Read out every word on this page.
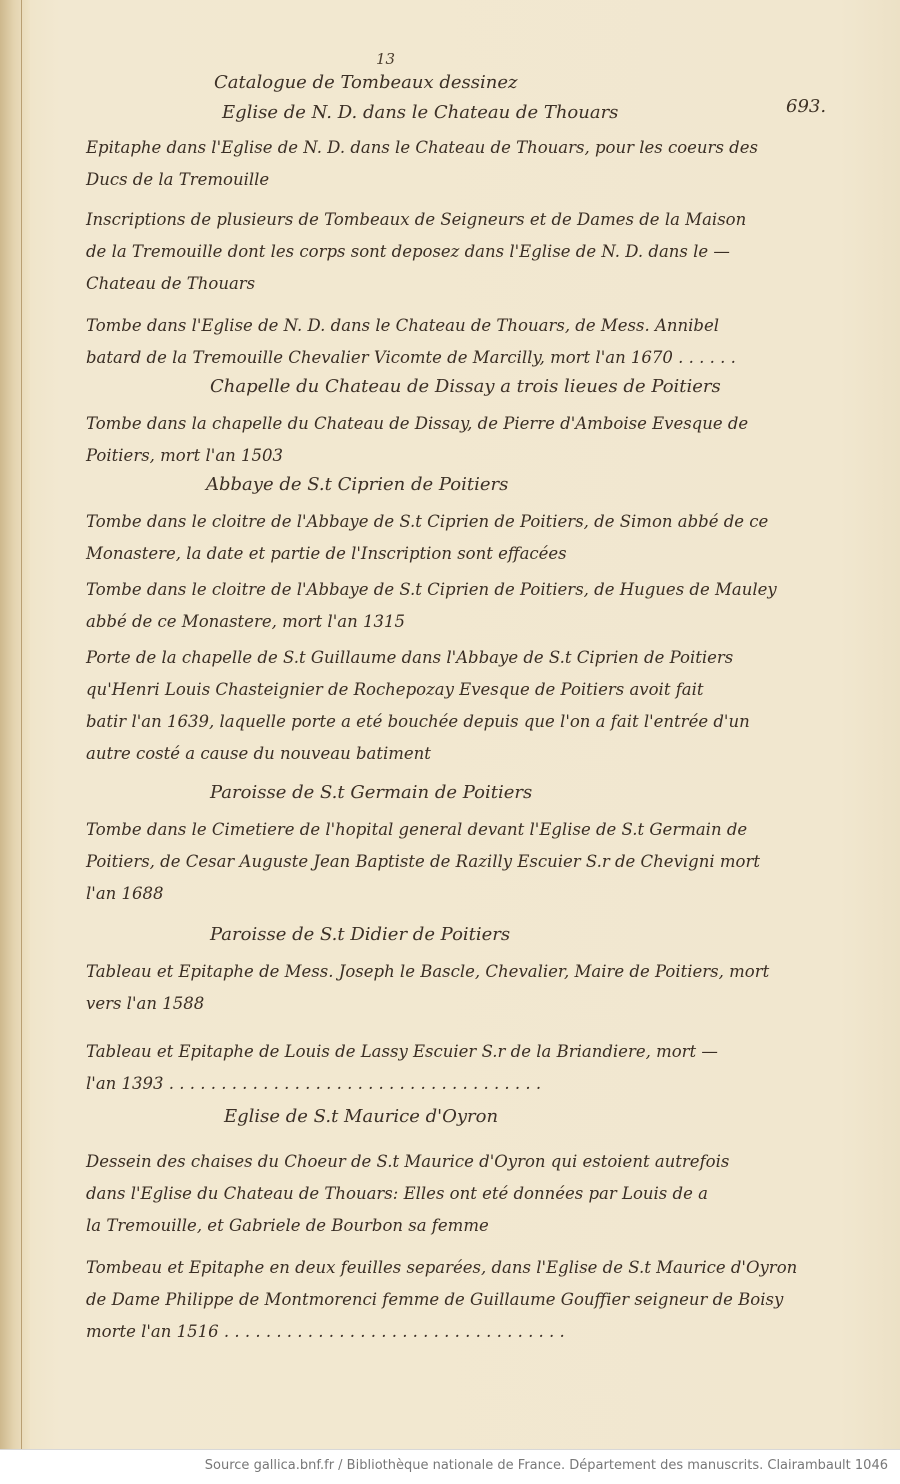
13
693.
Catalogue de Tombeaux dessinez
Eglise de N. D. dans le Chateau de Thouars
Epitaphe dans l'Eglise de N. D. dans le Chateau de Thouars, pour les coeurs des
Ducs de la Tremouille
Inscriptions de plusieurs de Tombeaux de Seigneurs et de Dames de la Maison
de la Tremouille dont les corps sont deposez dans l'Eglise de N. D. dans le —
Chateau de Thouars
Tombe dans l'Eglise de N. D. dans le Chateau de Thouars, de Mess. Annibel
batard de la Tremouille Chevalier Vicomte de Marcilly, mort l'an 1670 . . . . . .
Chapelle du Chateau de Dissay a trois lieues de Poitiers
Tombe dans la chapelle du Chateau de Dissay, de Pierre d'Amboise Evesque de
Poitiers, mort l'an 1503
Abbaye de S.t Ciprien de Poitiers
Tombe dans le cloitre de l'Abbaye de S.t Ciprien de Poitiers, de Simon abbé de ce
Monastere, la date et partie de l'Inscription sont effacées
Tombe dans le cloitre de l'Abbaye de S.t Ciprien de Poitiers, de Hugues de Mauley
abbé de ce Monastere, mort l'an 1315
Porte de la chapelle de S.t Guillaume dans l'Abbaye de S.t Ciprien de Poitiers
qu'Henri Louis Chasteignier de Rochepozay Evesque de Poitiers avoit fait
batir l'an 1639, laquelle porte a eté bouchée depuis que l'on a fait l'entrée d'un
autre costé a cause du nouveau batiment
Paroisse de S.t Germain de Poitiers
Tombe dans le Cimetiere de l'hopital general devant l'Eglise de S.t Germain de
Poitiers, de Cesar Auguste Jean Baptiste de Razilly Escuier S.r de Chevigni mort
l'an 1688
Paroisse de S.t Didier de Poitiers
Tableau et Epitaphe de Mess. Joseph le Bascle, Chevalier, Maire de Poitiers, mort
vers l'an 1588
Tableau et Epitaphe de Louis de Lassy Escuier S.r de la Briandiere, mort —
l'an 1393 . . . . . . . . . . . . . . . . . . . . . . . . . . . . . . . . . . . .
Eglise de S.t Maurice d'Oyron
Dessein des chaises du Choeur de S.t Maurice d'Oyron qui estoient autrefois
dans l'Eglise du Chateau de Thouars: Elles ont eté données par Louis de a
la Tremouille, et Gabriele de Bourbon sa femme
Tombeau et Epitaphe en deux feuilles separées, dans l'Eglise de S.t Maurice d'Oyron
de Dame Philippe de Montmorenci femme de Guillaume Gouffier seigneur de Boisy
morte l'an 1516 . . . . . . . . . . . . . . . . . . . . . . . . . . . . . . . . .
Source gallica.bnf.fr / Bibliothèque nationale de France. Département des manuscrits. Clairambault 1046
